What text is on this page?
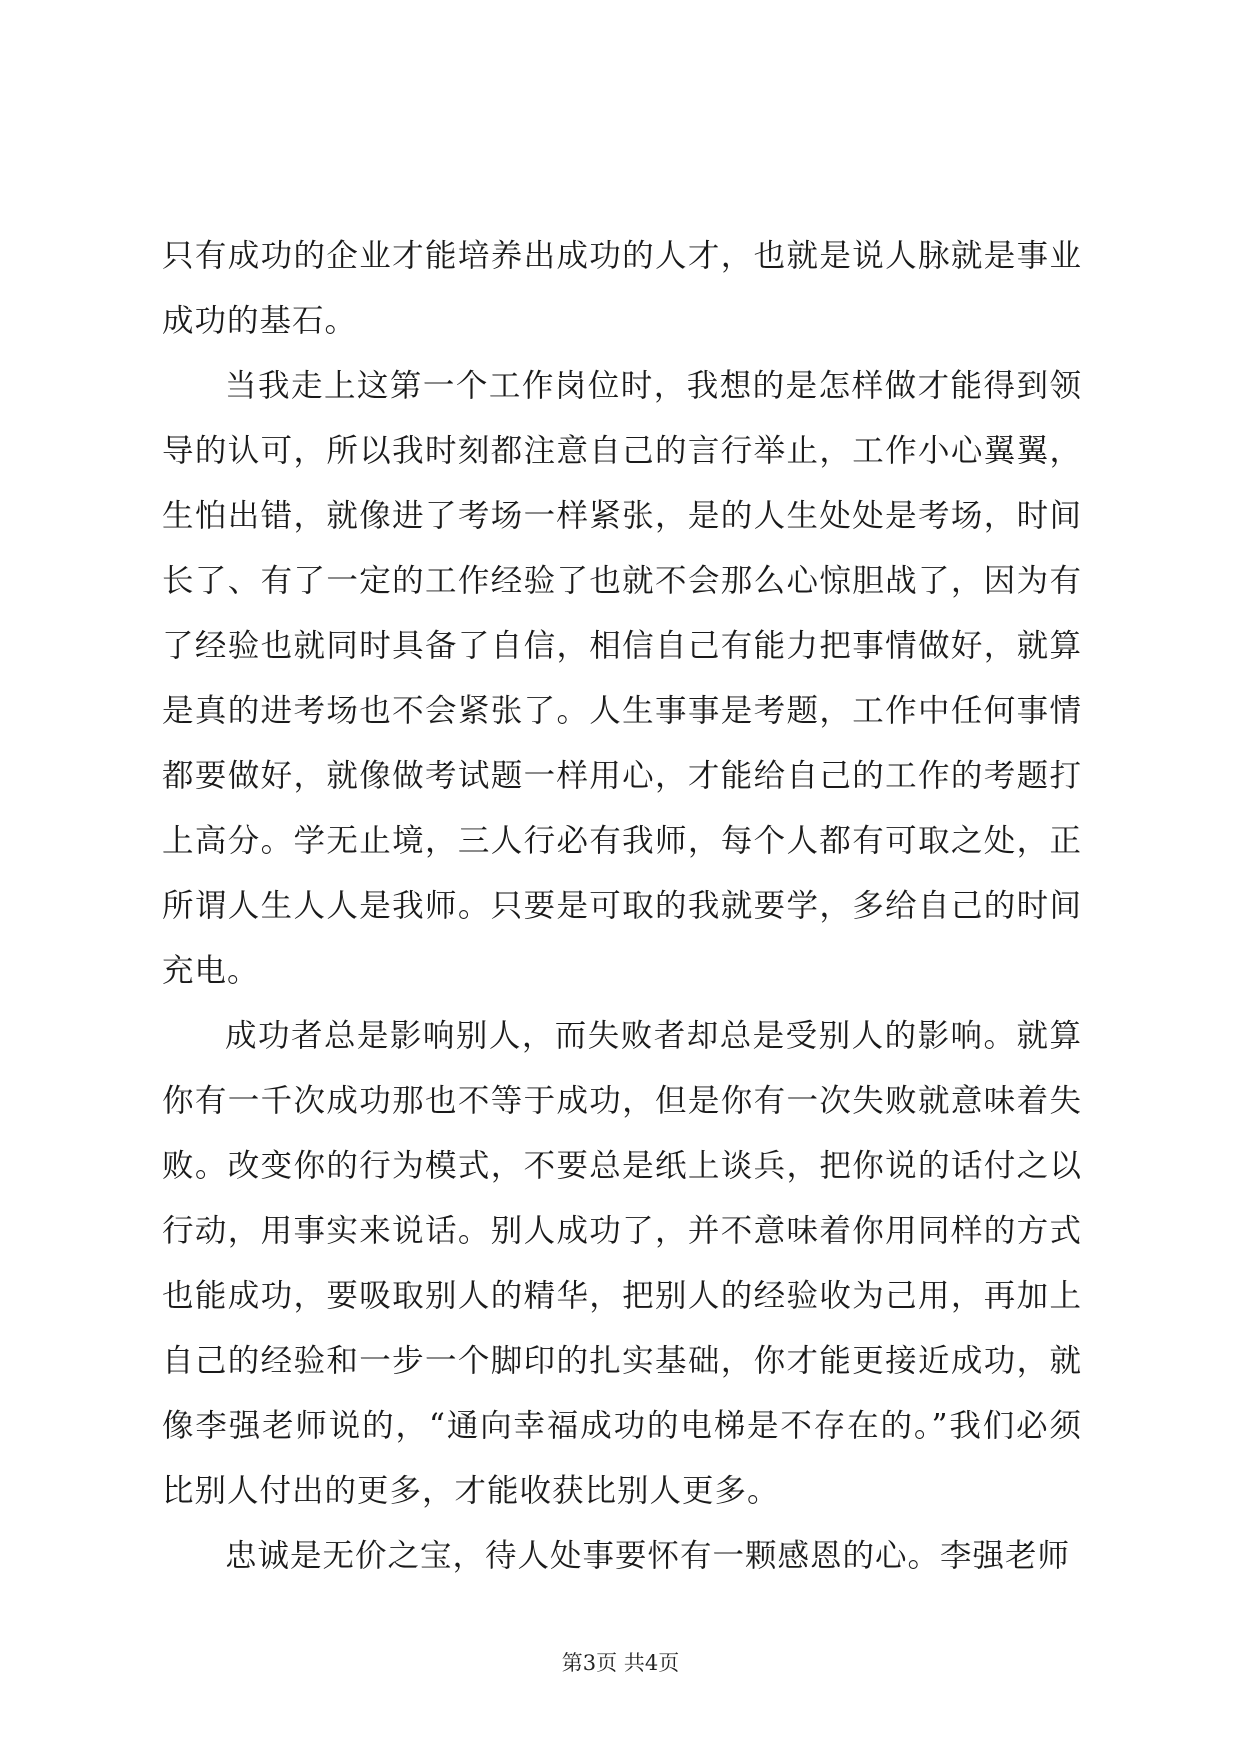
只有成功的企业才能培养出成功的人才，也就是说人脉就是事业成功的基石。

当我走上这第一个工作岗位时，我想的是怎样做才能得到领导的认可，所以我时刻都注意自己的言行举止，工作小心翼翼，生怕出错，就像进了考场一样紧张，是的人生处处是考场，时间长了、有了一定的工作经验了也就不会那么心惊胆战了，因为有了经验也就同时具备了自信，相信自己有能力把事情做好，就算是真的进考场也不会紧张了。人生事事是考题，工作中任何事情都要做好，就像做考试题一样用心，才能给自己的工作的考题打上高分。学无止境，三人行必有我师，每个人都有可取之处，正所谓人生人人是我师。只要是可取的我就要学，多给自己的时间充电。

成功者总是影响别人，而失败者却总是受别人的影响。就算你有一千次成功那也不等于成功，但是你有一次失败就意味着失败。改变你的行为模式，不要总是纸上谈兵，把你说的话付之以行动，用事实来说话。别人成功了，并不意味着你用同样的方式也能成功，要吸取别人的精华，把别人的经验收为己用，再加上自己的经验和一步一个脚印的扎实基础，你才能更接近成功，就像李强老师说的，“通向幸福成功的电梯是不存在的。”我们必须比别人付出的更多，才能收获比别人更多。

忠诚是无价之宝，待人处事要怀有一颗感恩的心。李强老师

第3页 共4页
